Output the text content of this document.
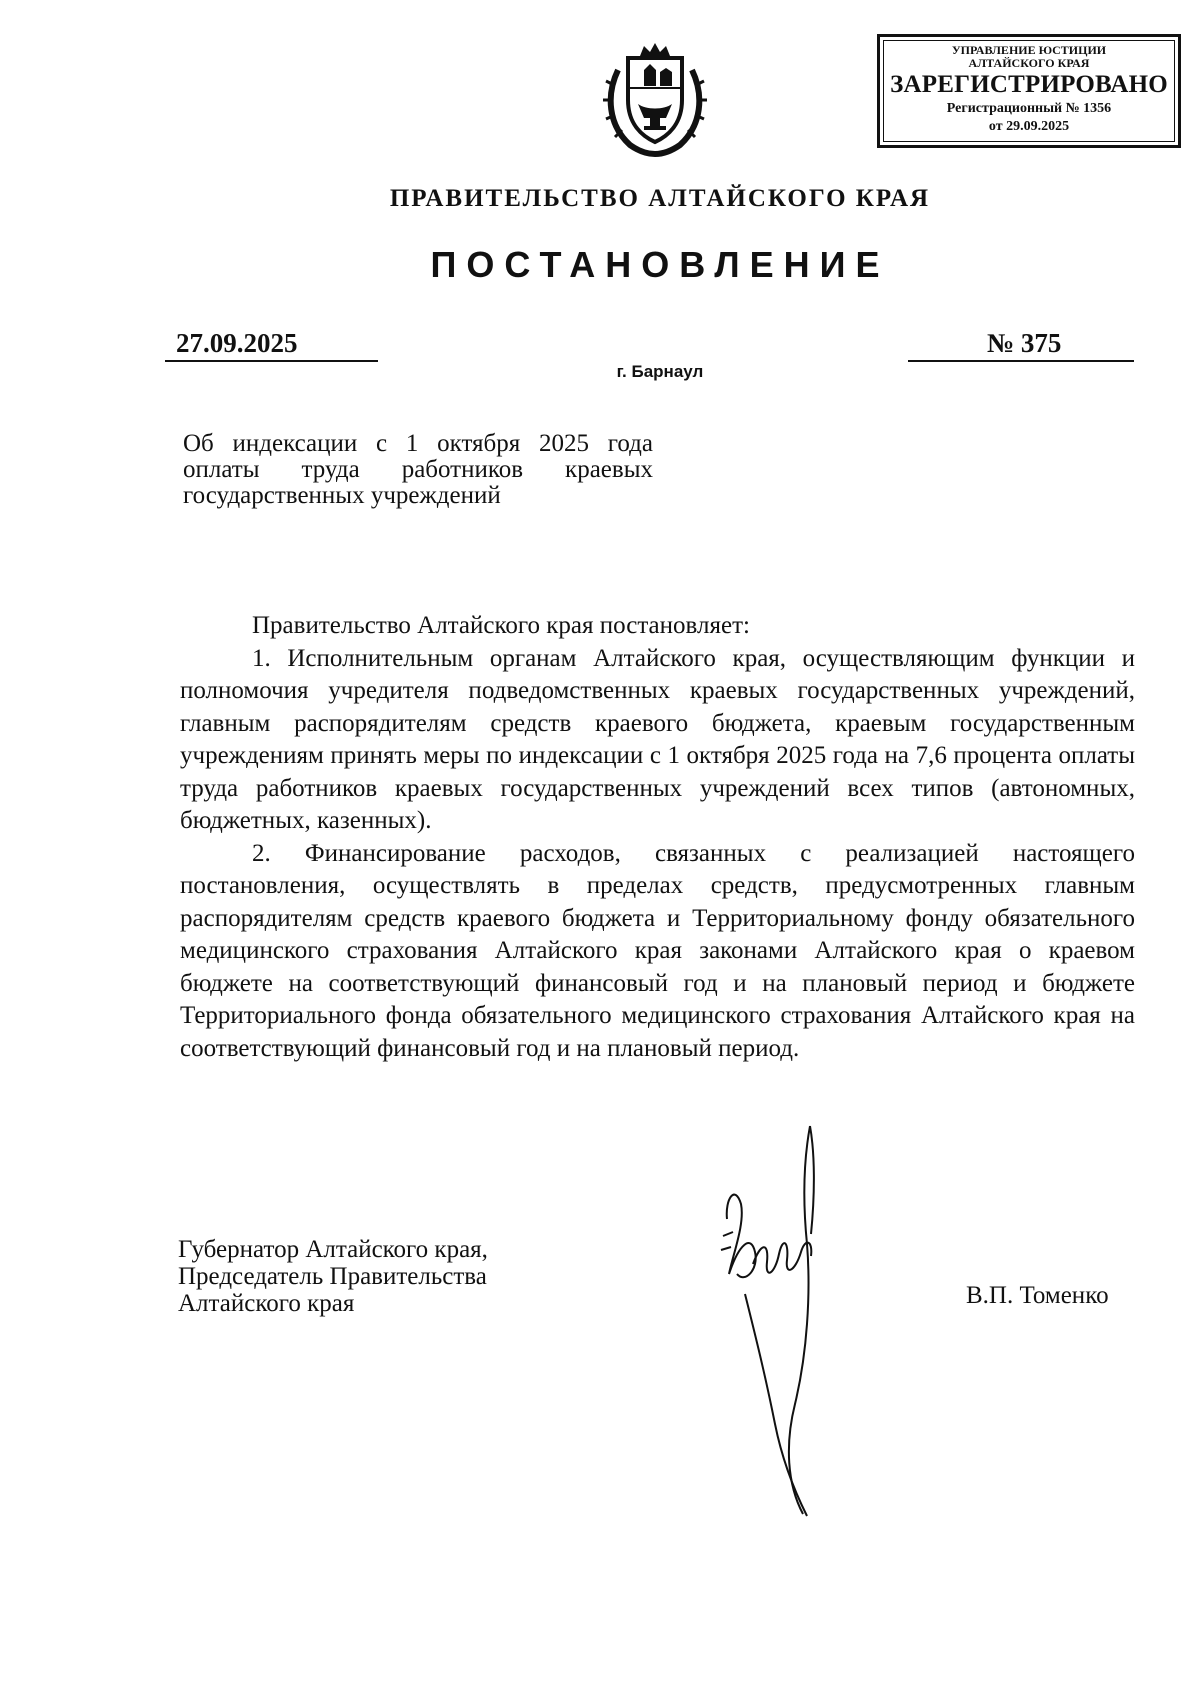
УПРАВЛЕНИЕ ЮСТИЦИИ
АЛТАЙСКОГО КРАЯ
ЗАРЕГИСТРИРОВАНО
Регистрационный № 1356
от 29.09.2025
ПРАВИТЕЛЬСТВО АЛТАЙСКОГО КРАЯ
ПОСТАНОВЛЕНИЕ
27.09.2025	№ 375
г. Барнаул
Об индексации с 1 октября 2025 года
оплаты труда работников краевых
государственных учреждений

Правительство Алтайского края постановляет:

1. Исполнительным органам Алтайского края, осуществляющим функции и полномочия учредителя подведомственных краевых государственных учреждений, главным распорядителям средств краевого бюджета, краевым государственным учреждениям принять меры по индексации с 1 октября 2025 года на 7,6 процента оплаты труда работников краевых государственных учреждений всех типов (автономных, бюджетных, казенных).

2. Финансирование расходов, связанных с реализацией настоящего постановления, осуществлять в пределах средств, предусмотренных главным распорядителям средств краевого бюджета и Территориальному фонду обязательного медицинского страхования Алтайского края законами Алтайского края о краевом бюджете на соответствующий финансовый год и на плановый период и бюджете Территориального фонда обязательного медицинского страхования Алтайского края на соответствующий финансовый год и на плановый период.

Губернатор Алтайского края,
Председатель Правительства
Алтайского края	В.П. Томенко
